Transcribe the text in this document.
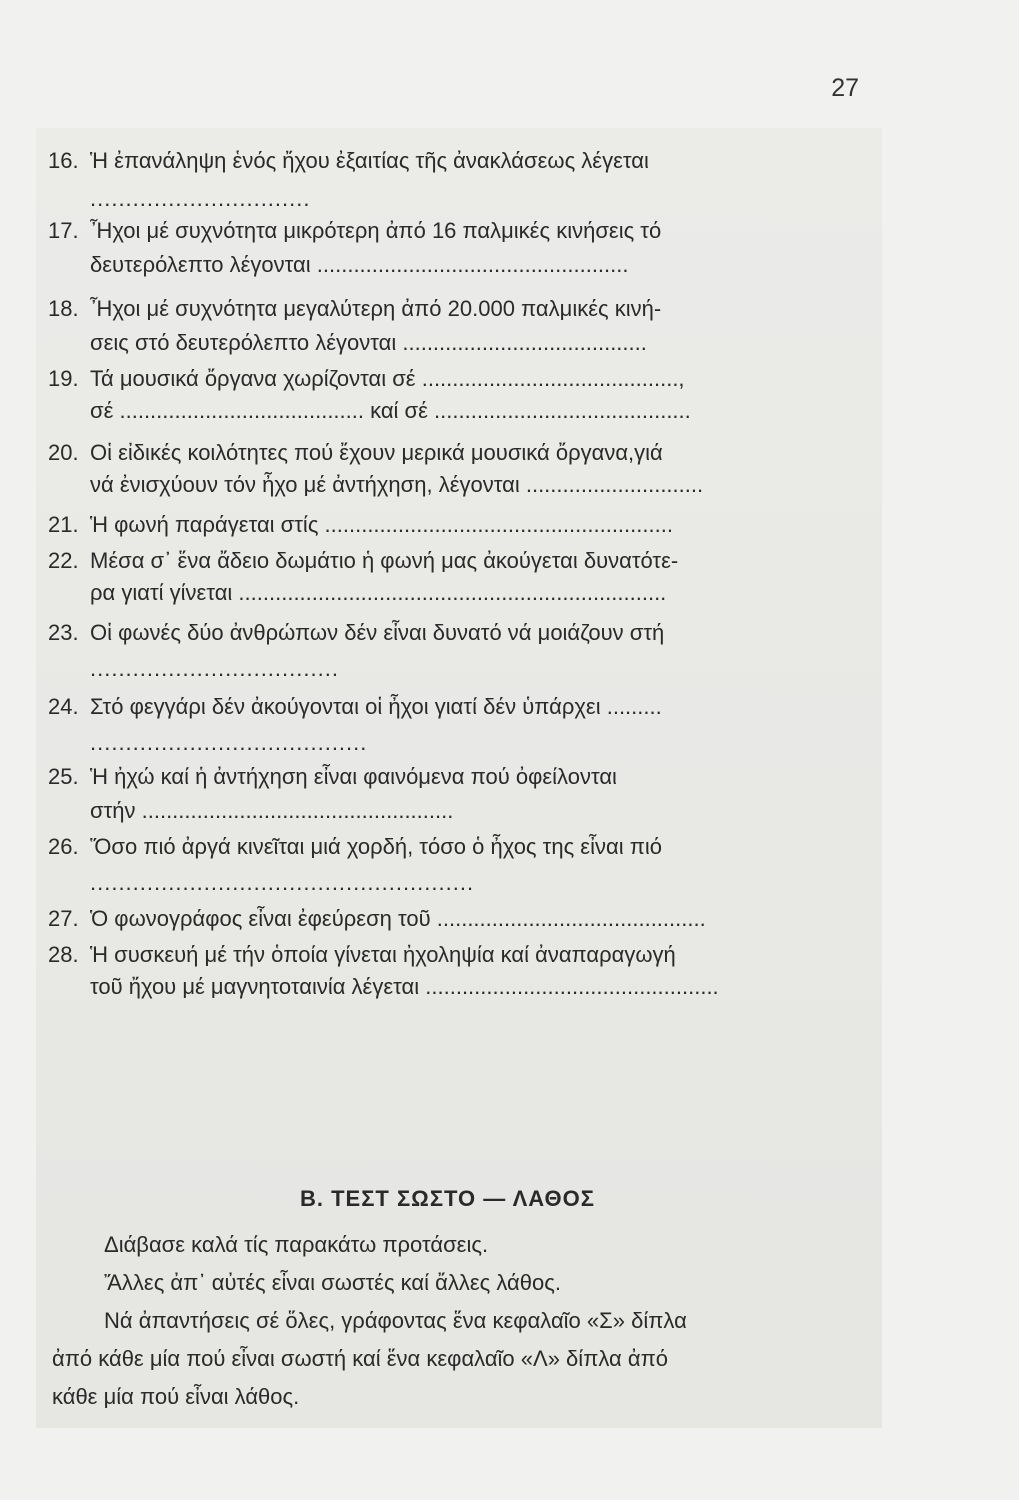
27
16. Ἡ ἐπανάληψη ἑνός ἤχου ἐξαιτίας τῆς ἀνακλάσεως λέγεται
...............................
17. Ἦχοι μέ συχνότητα μικρότερη ἀπό 16 παλμικές κινήσεις τό
δευτερόλεπτο λέγονται ...................................................
18. Ἦχοι μέ συχνότητα μεγαλύτερη ἀπό 20.000 παλμικές κινή-
σεις στό δευτερόλεπτο λέγονται ........................................
19. Τά μουσικά ὄργανα χωρίζονται σέ ..........................................,
σέ ........................................ καί σέ ..........................................
20. Οἱ εἰδικές κοιλότητες πού ἔχουν μερικά μουσικά ὄργανα,γιά
νά ἐνισχύουν τόν ἦχο μέ ἀντήχηση, λέγονται .............................
21. Ἡ φωνή παράγεται στίς .........................................................
22. Μέσα σ᾿ ἕνα ἄδειο δωμάτιο ἡ φωνή μας ἀκούγεται δυνατότε-
ρα γιατί γίνεται ......................................................................
23. Οἱ φωνές δύο ἀνθρώπων δέν εἶναι δυνατό νά μοιάζουν στή
...................................
24. Στό φεγγάρι δέν ἀκούγονται οἱ ἦχοι γιατί δέν ὑπάρχει .........
.......................................
25. Ἡ ἠχώ καί ἡ ἀντήχηση εἶναι φαινόμενα πού ὀφείλονται
στήν ...................................................
26. Ὅσο πιό ἀργά κινεῖται μιά χορδή, τόσο ὁ ἦχος της εἶναι πιό
......................................................
27. Ὁ φωνογράφος εἶναι ἐφεύρεση τοῦ ............................................
28. Ἡ συσκευή μέ τήν ὁποία γίνεται ἠχοληψία καί ἀναπαραγωγή
τοῦ ἤχου μέ μαγνητοταινία λέγεται ................................................
Β. ΤΕΣΤ ΣΩΣΤΟ — ΛΑΘΟΣ
Διάβασε καλά τίς παρακάτω προτάσεις.
Ἄλλες ἀπ᾿ αὐτές εἶναι σωστές καί ἄλλες λάθος.
Νά ἀπαντήσεις σέ ὅλες, γράφοντας ἕνα κεφαλαῖο «Σ» δίπλα
ἀπό κάθε μία πού εἶναι σωστή καί ἕνα κεφαλαῖο «Λ» δίπλα ἀπό
κάθε μία πού εἶναι λάθος.
